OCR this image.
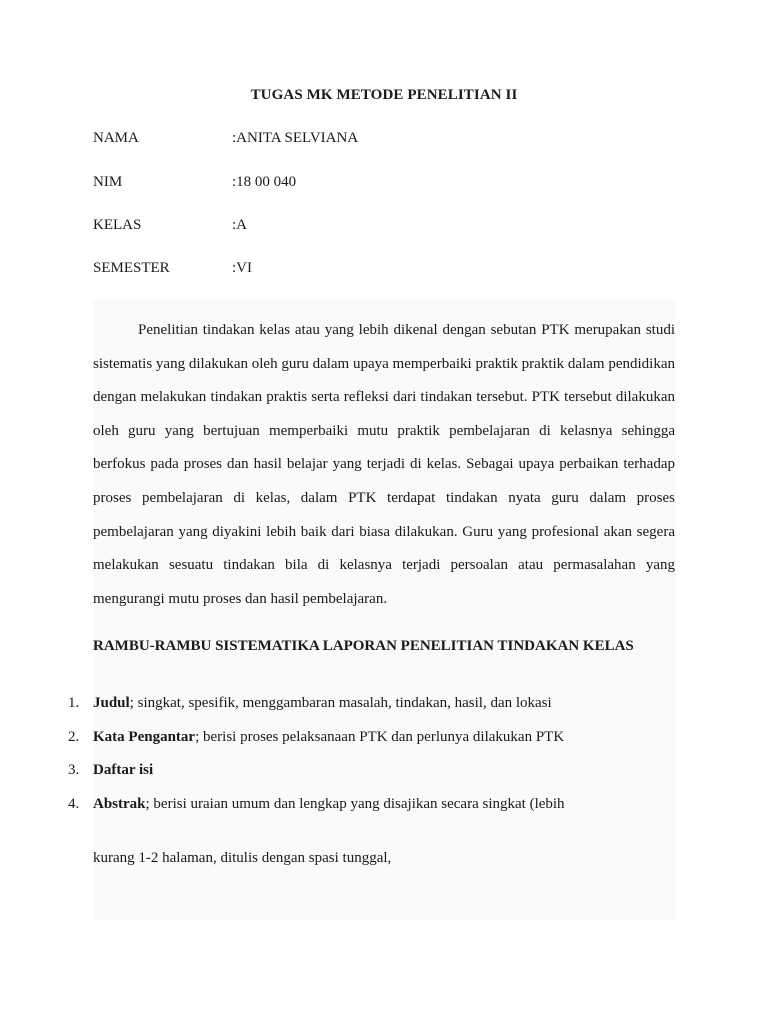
TUGAS MK METODE PENELITIAN II
NAMA	:ANITA SELVIANA
NIM	:18 00 040
KELAS	:A
SEMESTER	:VI

Penelitian tindakan kelas atau yang lebih dikenal dengan sebutan PTK merupakan studi sistematis yang dilakukan oleh guru dalam upaya memperbaiki praktik praktik dalam pendidikan dengan melakukan tindakan praktis serta refleksi dari tindakan tersebut. PTK tersebut dilakukan oleh guru yang bertujuan memperbaiki mutu praktik pembelajaran di kelasnya sehingga berfokus pada proses dan hasil belajar yang terjadi di kelas. Sebagai upaya perbaikan terhadap proses pembelajaran di kelas, dalam PTK terdapat tindakan nyata guru dalam proses pembelajaran yang diyakini lebih baik dari biasa dilakukan. Guru yang profesional akan segera melakukan sesuatu tindakan bila di kelasnya terjadi persoalan atau permasalahan yang mengurangi mutu proses dan hasil pembelajaran.

RAMBU-RAMBU SISTEMATIKA LAPORAN PENELITIAN TINDAKAN KELAS
1. Judul; singkat, spesifik, menggambaran masalah, tindakan, hasil, dan lokasi
2. Kata Pengantar; berisi proses pelaksanaan PTK dan perlunya dilakukan PTK
3. Daftar isi
4. Abstrak; berisi uraian umum dan lengkap yang disajikan secara singkat (lebih
kurang 1-2 halaman, ditulis dengan spasi tunggal,
